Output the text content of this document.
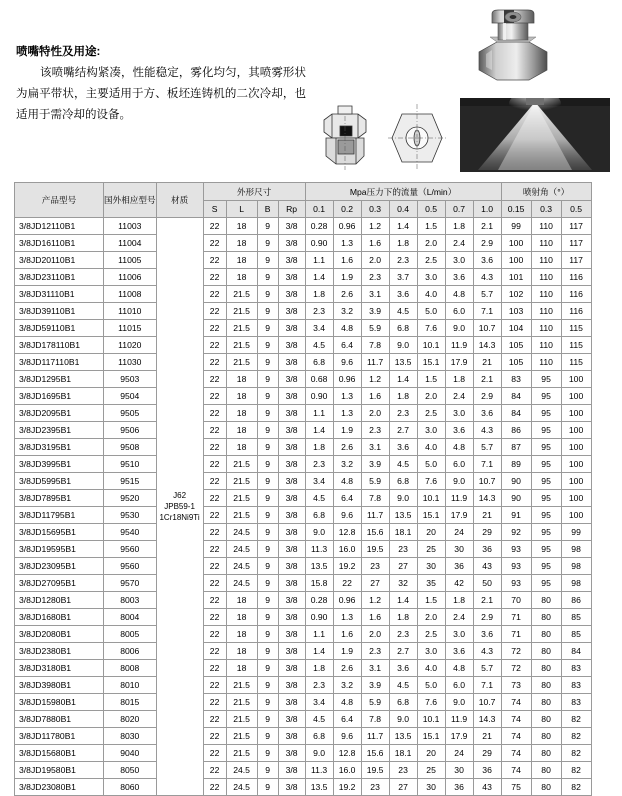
喷嘴特性及用途:

该喷嘴结构紧凑，性能稳定，雾化均匀，其喷雾形状为扁平带状，主要适用于方、板坯连铸机的二次冷却，也适用于需冷却的设备。

产品型号	国外相应型号	材质	外形尺寸				Mpa压力下的流量（L/min）							喷射角（°）		
			S	L	B	Rp	0.1	0.2	0.3	0.4	0.5	0.7	1.0	0.15	0.3	0.5
3/8JD12110B1	11003	J62
JPB59-1
1Cr18Ni9Ti	22	18	9	3/8	0.28	0.96	1.2	1.4	1.5	1.8	2.1	99	110	117
3/8JD16110B1	11004		22	18	9	3/8	0.90	1.3	1.6	1.8	2.0	2.4	2.9	100	110	117
3/8JD20110B1	11005		22	18	9	3/8	1.1	1.6	2.0	2.3	2.5	3.0	3.6	100	110	117
3/8JD23110B1	11006		22	18	9	3/8	1.4	1.9	2.3	3.7	3.0	3.6	4.3	101	110	116
3/8JD31110B1	11008		22	21.5	9	3/8	1.8	2.6	3.1	3.6	4.0	4.8	5.7	102	110	116
3/8JD39110B1	11010		22	21.5	9	3/8	2.3	3.2	3.9	4.5	5.0	6.0	7.1	103	110	116
3/8JD59110B1	11015		22	21.5	9	3/8	3.4	4.8	5.9	6.8	7.6	9.0	10.7	104	110	115
3/8JD178110B1	11020		22	21.5	9	3/8	4.5	6.4	7.8	9.0	10.1	11.9	14.3	105	110	115
3/8JD117110B1	11030		22	21.5	9	3/8	6.8	9.6	11.7	13.5	15.1	17.9	21	105	110	115
3/8JD1295B1	9503		22	18	9	3/8	0.68	0.96	1.2	1.4	1.5	1.8	2.1	83	95	100
3/8JD1695B1	9504		22	18	9	3/8	0.90	1.3	1.6	1.8	2.0	2.4	2.9	84	95	100
3/8JD2095B1	9505		22	18	9	3/8	1.1	1.3	2.0	2.3	2.5	3.0	3.6	84	95	100
3/8JD2395B1	9506		22	18	9	3/8	1.4	1.9	2.3	2.7	3.0	3.6	4.3	86	95	100
3/8JD3195B1	9508		22	18	9	3/8	1.8	2.6	3.1	3.6	4.0	4.8	5.7	87	95	100
3/8JD3995B1	9510		22	21.5	9	3/8	2.3	3.2	3.9	4.5	5.0	6.0	7.1	89	95	100
3/8JD5995B1	9515		22	21.5	9	3/8	3.4	4.8	5.9	6.8	7.6	9.0	10.7	90	95	100
3/8JD7895B1	9520		22	21.5	9	3/8	4.5	6.4	7.8	9.0	10.1	11.9	14.3	90	95	100
3/8JD11795B1	9530		22	21.5	9	3/8	6.8	9.6	11.7	13.5	15.1	17.9	21	91	95	100
3/8JD15695B1	9540		22	24.5	9	3/8	9.0	12.8	15.6	18.1	20	24	29	92	95	99
3/8JD19595B1	9560		22	24.5	9	3/8	11.3	16.0	19.5	23	25	30	36	93	95	98
3/8JD23095B1	9560		22	24.5	9	3/8	13.5	19.2	23	27	30	36	43	93	95	98
3/8JD27095B1	9570		22	24.5	9	3/8	15.8	22	27	32	35	42	50	93	95	98
3/8JD1280B1	8003		22	18	9	3/8	0.28	0.96	1.2	1.4	1.5	1.8	2.1	70	80	86
3/8JD1680B1	8004		22	18	9	3/8	0.90	1.3	1.6	1.8	2.0	2.4	2.9	71	80	85
3/8JD2080B1	8005		22	18	9	3/8	1.1	1.6	2.0	2.3	2.5	3.0	3.6	71	80	85
3/8JD2380B1	8006		22	18	9	3/8	1.4	1.9	2.3	2.7	3.0	3.6	4.3	72	80	84
3/8JD3180B1	8008		22	18	9	3/8	1.8	2.6	3.1	3.6	4.0	4.8	5.7	72	80	83
3/8JD3980B1	8010		22	21.5	9	3/8	2.3	3.2	3.9	4.5	5.0	6.0	7.1	73	80	83
3/8JD15980B1	8015		22	21.5	9	3/8	3.4	4.8	5.9	6.8	7.6	9.0	10.7	74	80	83
3/8JD7880B1	8020		22	21.5	9	3/8	4.5	6.4	7.8	9.0	10.1	11.9	14.3	74	80	82
3/8JD11780B1	8030		22	21.5	9	3/8	6.8	9.6	11.7	13.5	15.1	17.9	21	74	80	82
3/8JD15680B1	9040		22	21.5	9	3/8	9.0	12.8	15.6	18.1	20	24	29	74	80	82
3/8JD19580B1	8050		22	24.5	9	3/8	11.3	16.0	19.5	23	25	30	36	74	80	82
3/8JD23080B1	8060		22	24.5	9	3/8	13.5	19.2	23	27	30	36	43	75	80	82
